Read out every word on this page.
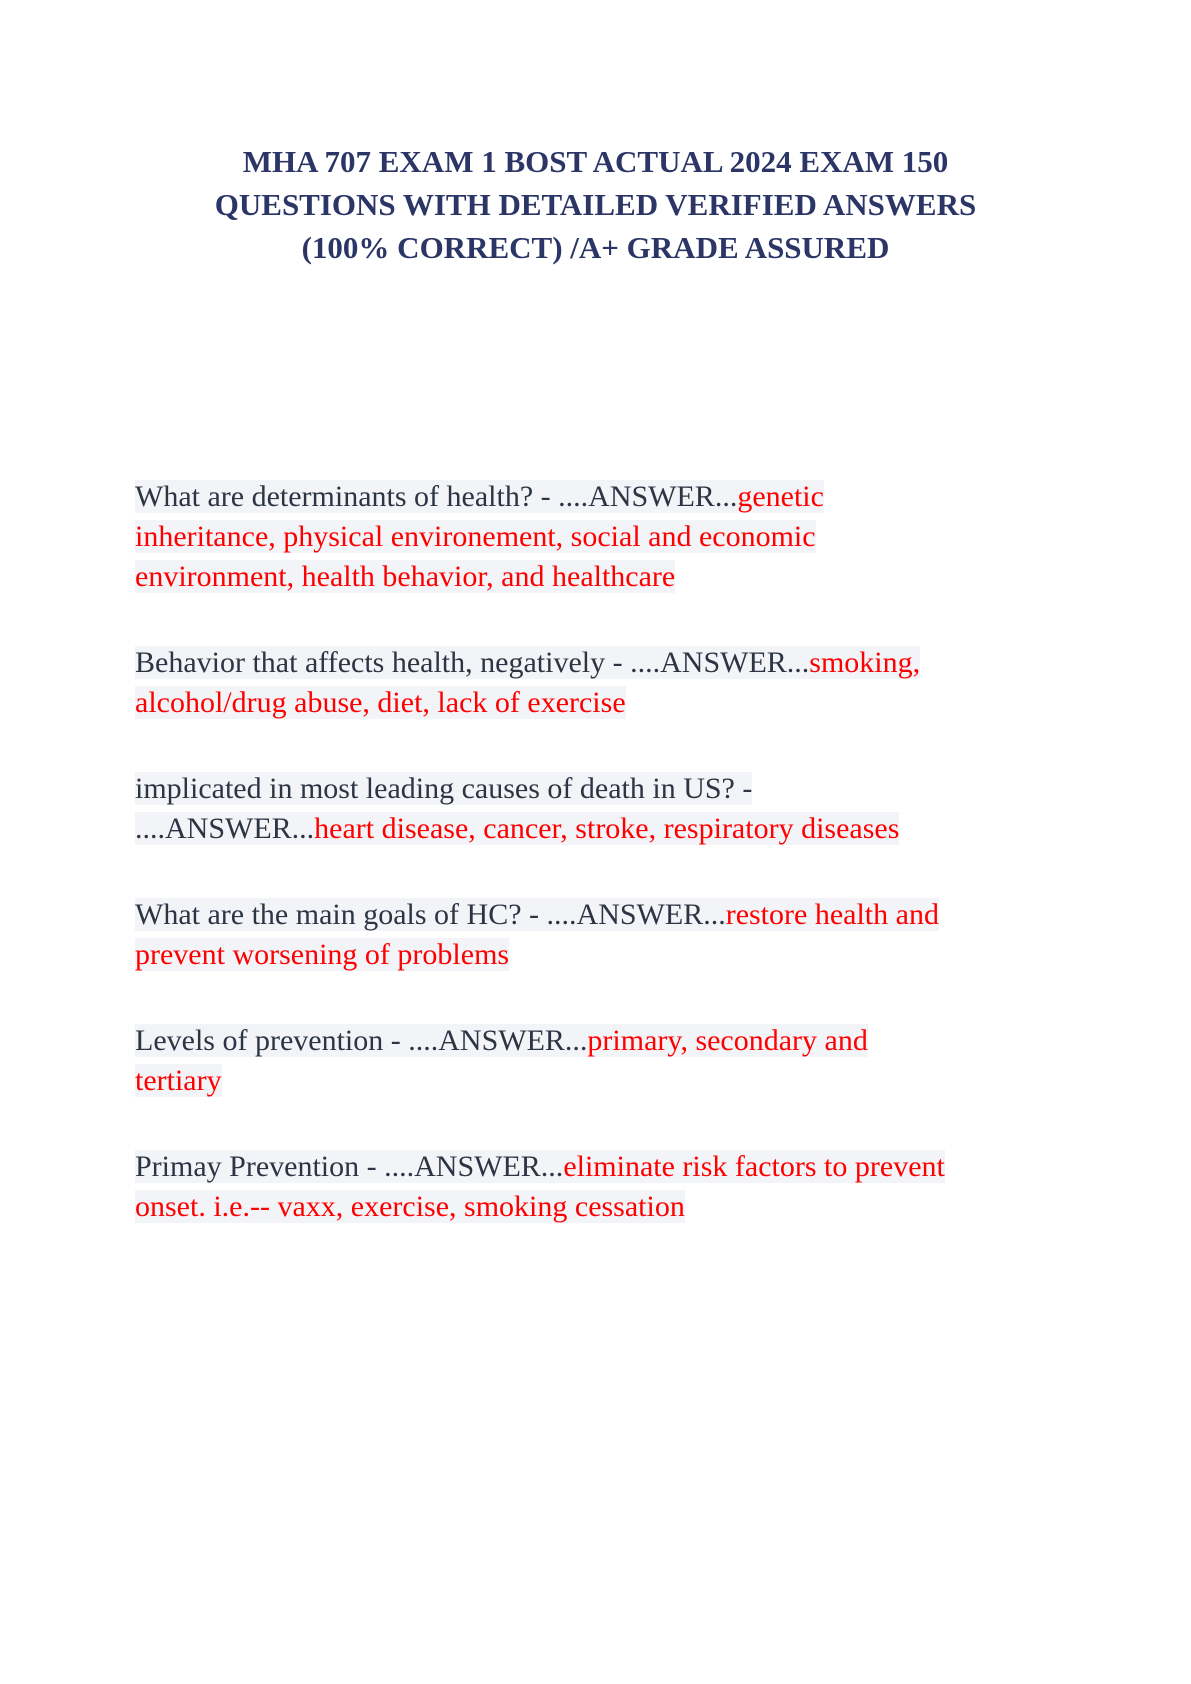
MHA 707 EXAM 1 BOST ACTUAL 2024 EXAM 150 QUESTIONS WITH DETAILED VERIFIED ANSWERS (100% CORRECT) /A+ GRADE ASSURED

What are determinants of health? - ....ANSWER...genetic inheritance, physical environement, social and economic environment, health behavior, and healthcare

Behavior that affects health, negatively - ....ANSWER...smoking, alcohol/drug abuse, diet, lack of exercise

implicated in most leading causes of death in US? - ....ANSWER...heart disease, cancer, stroke, respiratory diseases

What are the main goals of HC? - ....ANSWER...restore health and prevent worsening of problems

Levels of prevention - ....ANSWER...primary, secondary and tertiary

Primay Prevention - ....ANSWER...eliminate risk factors to prevent onset. i.e.-- vaxx, exercise, smoking cessation
